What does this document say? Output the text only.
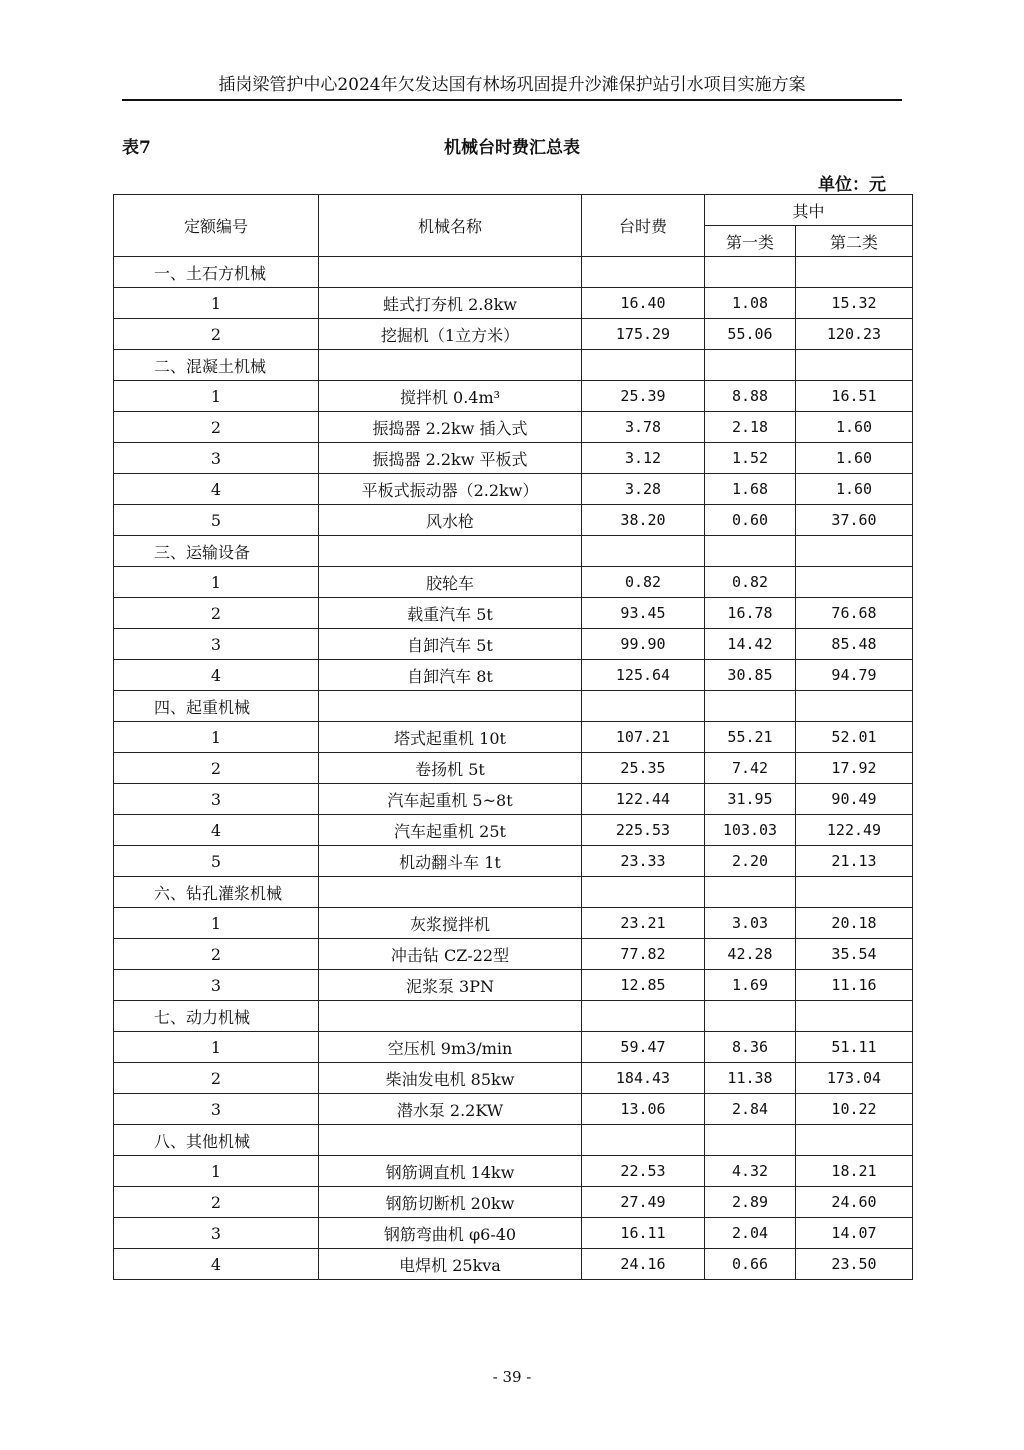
插岗梁管护中心2024年欠发达国有林场巩固提升沙滩保护站引水项目实施方案
表7	机械台时费汇总表
单位：元
定额编号	机械名称	台时费	其中	
			第一类	第二类
一、土石方机械				
1	蛙式打夯机 2.8kw	16.40	1.08	15.32
2	挖掘机（1立方米）	175.29	55.06	120.23
二、混凝土机械				
1	搅拌机 0.4m³	25.39	8.88	16.51
2	振捣器 2.2kw 插入式	3.78	2.18	1.60
3	振捣器 2.2kw 平板式	3.12	1.52	1.60
4	平板式振动器（2.2kw）	3.28	1.68	1.60
5	风水枪	38.20	0.60	37.60
三、运输设备				
1	胶轮车	0.82	0.82	
2	载重汽车 5t	93.45	16.78	76.68
3	自卸汽车 5t	99.90	14.42	85.48
4	自卸汽车 8t	125.64	30.85	94.79
四、起重机械				
1	塔式起重机 10t	107.21	55.21	52.01
2	卷扬机 5t	25.35	7.42	17.92
3	汽车起重机 5~8t	122.44	31.95	90.49
4	汽车起重机 25t	225.53	103.03	122.49
5	机动翻斗车 1t	23.33	2.20	21.13
六、钻孔灌浆机械				
1	灰浆搅拌机	23.21	3.03	20.18
2	冲击钻 CZ-22型	77.82	42.28	35.54
3	泥浆泵 3PN	12.85	1.69	11.16
七、动力机械				
1	空压机 9m3/min	59.47	8.36	51.11
2	柴油发电机 85kw	184.43	11.38	173.04
3	潜水泵 2.2KW	13.06	2.84	10.22
八、其他机械				
1	钢筋调直机 14kw	22.53	4.32	18.21
2	钢筋切断机 20kw	27.49	2.89	24.60
3	钢筋弯曲机 φ6-40	16.11	2.04	14.07
4	电焊机 25kva	24.16	0.66	23.50
- 39 -
